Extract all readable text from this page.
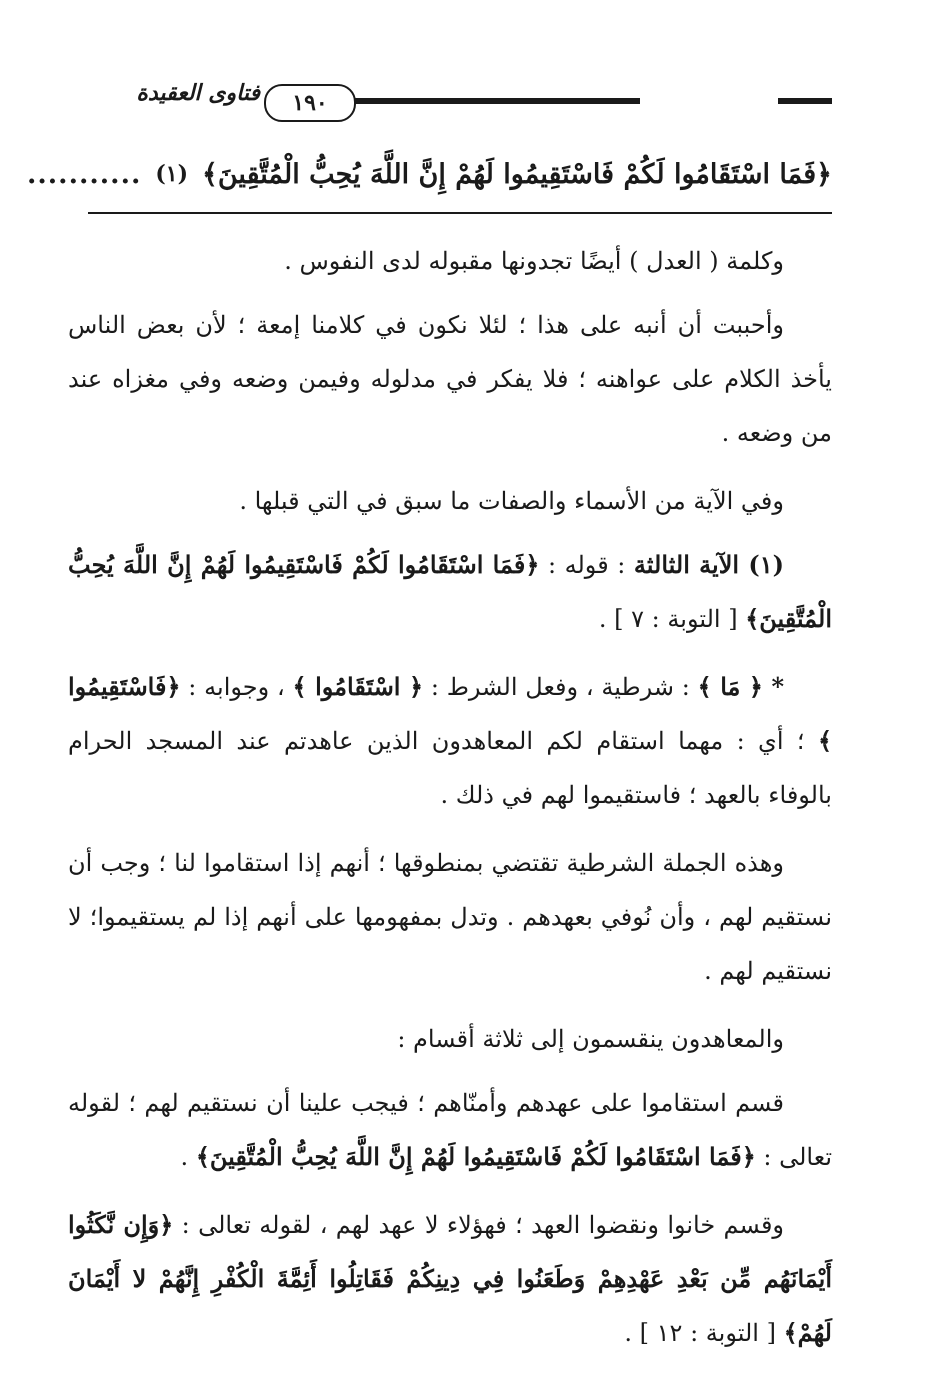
١٩٠
فتاوى العقيدة
﴿فَمَا اسْتَقَامُوا لَكُمْ فَاسْتَقِيمُوا لَهُمْ إِنَّ اللَّهَ يُحِبُّ الْمُتَّقِينَ﴾
(١)
...........

وكلمة ( العدل ) أيضًا تجدونها مقبوله لدى النفوس .

وأحببت أن أنبه على هذا ؛ لئلا نكون في كلامنا إمعة ؛ لأن بعض الناس يأخذ الكلام على عواهنه ؛ فلا يفكر في مدلوله وفيمن وضعه وفي مغزاه عند من وضعه .

وفي الآية من الأسماء والصفات ما سبق في التي قبلها .

(١) الآية الثالثة : قوله : ﴿فَمَا اسْتَقَامُوا لَكُمْ فَاسْتَقِيمُوا لَهُمْ إِنَّ اللَّهَ يُحِبُّ الْمُتَّقِينَ﴾ [ التوبة : ٧ ] .

* ﴿ مَا ﴾ : شرطية ، وفعل الشرط : ﴿ اسْتَقَامُوا ﴾ ، وجوابه : ﴿فَاسْتَقِيمُوا ﴾ ؛ أي : مهما استقام لكم المعاهدون الذين عاهدتم عند المسجد الحرام بالوفاء بالعهد ؛ فاستقيموا لهم في ذلك .

وهذه الجملة الشرطية تقتضي بمنطوقها ؛ أنهم إذا استقاموا لنا ؛ وجب أن نستقيم لهم ، وأن نُوفي بعهدهم . وتدل بمفهومها على أنهم إذا لم يستقيموا؛ لا نستقيم لهم .

والمعاهدون ينقسمون إلى ثلاثة أقسام :

قسم استقاموا على عهدهم وأمنّاهم ؛ فيجب علينا أن نستقيم لهم ؛ لقوله تعالى : ﴿فَمَا اسْتَقَامُوا لَكُمْ فَاسْتَقِيمُوا لَهُمْ إِنَّ اللَّهَ يُحِبُّ الْمُتَّقِينَ﴾ .

وقسم خانوا ونقضوا العهد ؛ فهؤلاء لا عهد لهم ، لقوله تعالى : ﴿وَإِن نَّكَثُوا أَيْمَانَهُم مِّن بَعْدِ عَهْدِهِمْ وَطَعَنُوا فِي دِينِكُمْ فَقَاتِلُوا أَئِمَّةَ الْكُفْرِ إِنَّهُمْ لا أَيْمَانَ لَهُمْ﴾ [ التوبة : ١٢ ] .
